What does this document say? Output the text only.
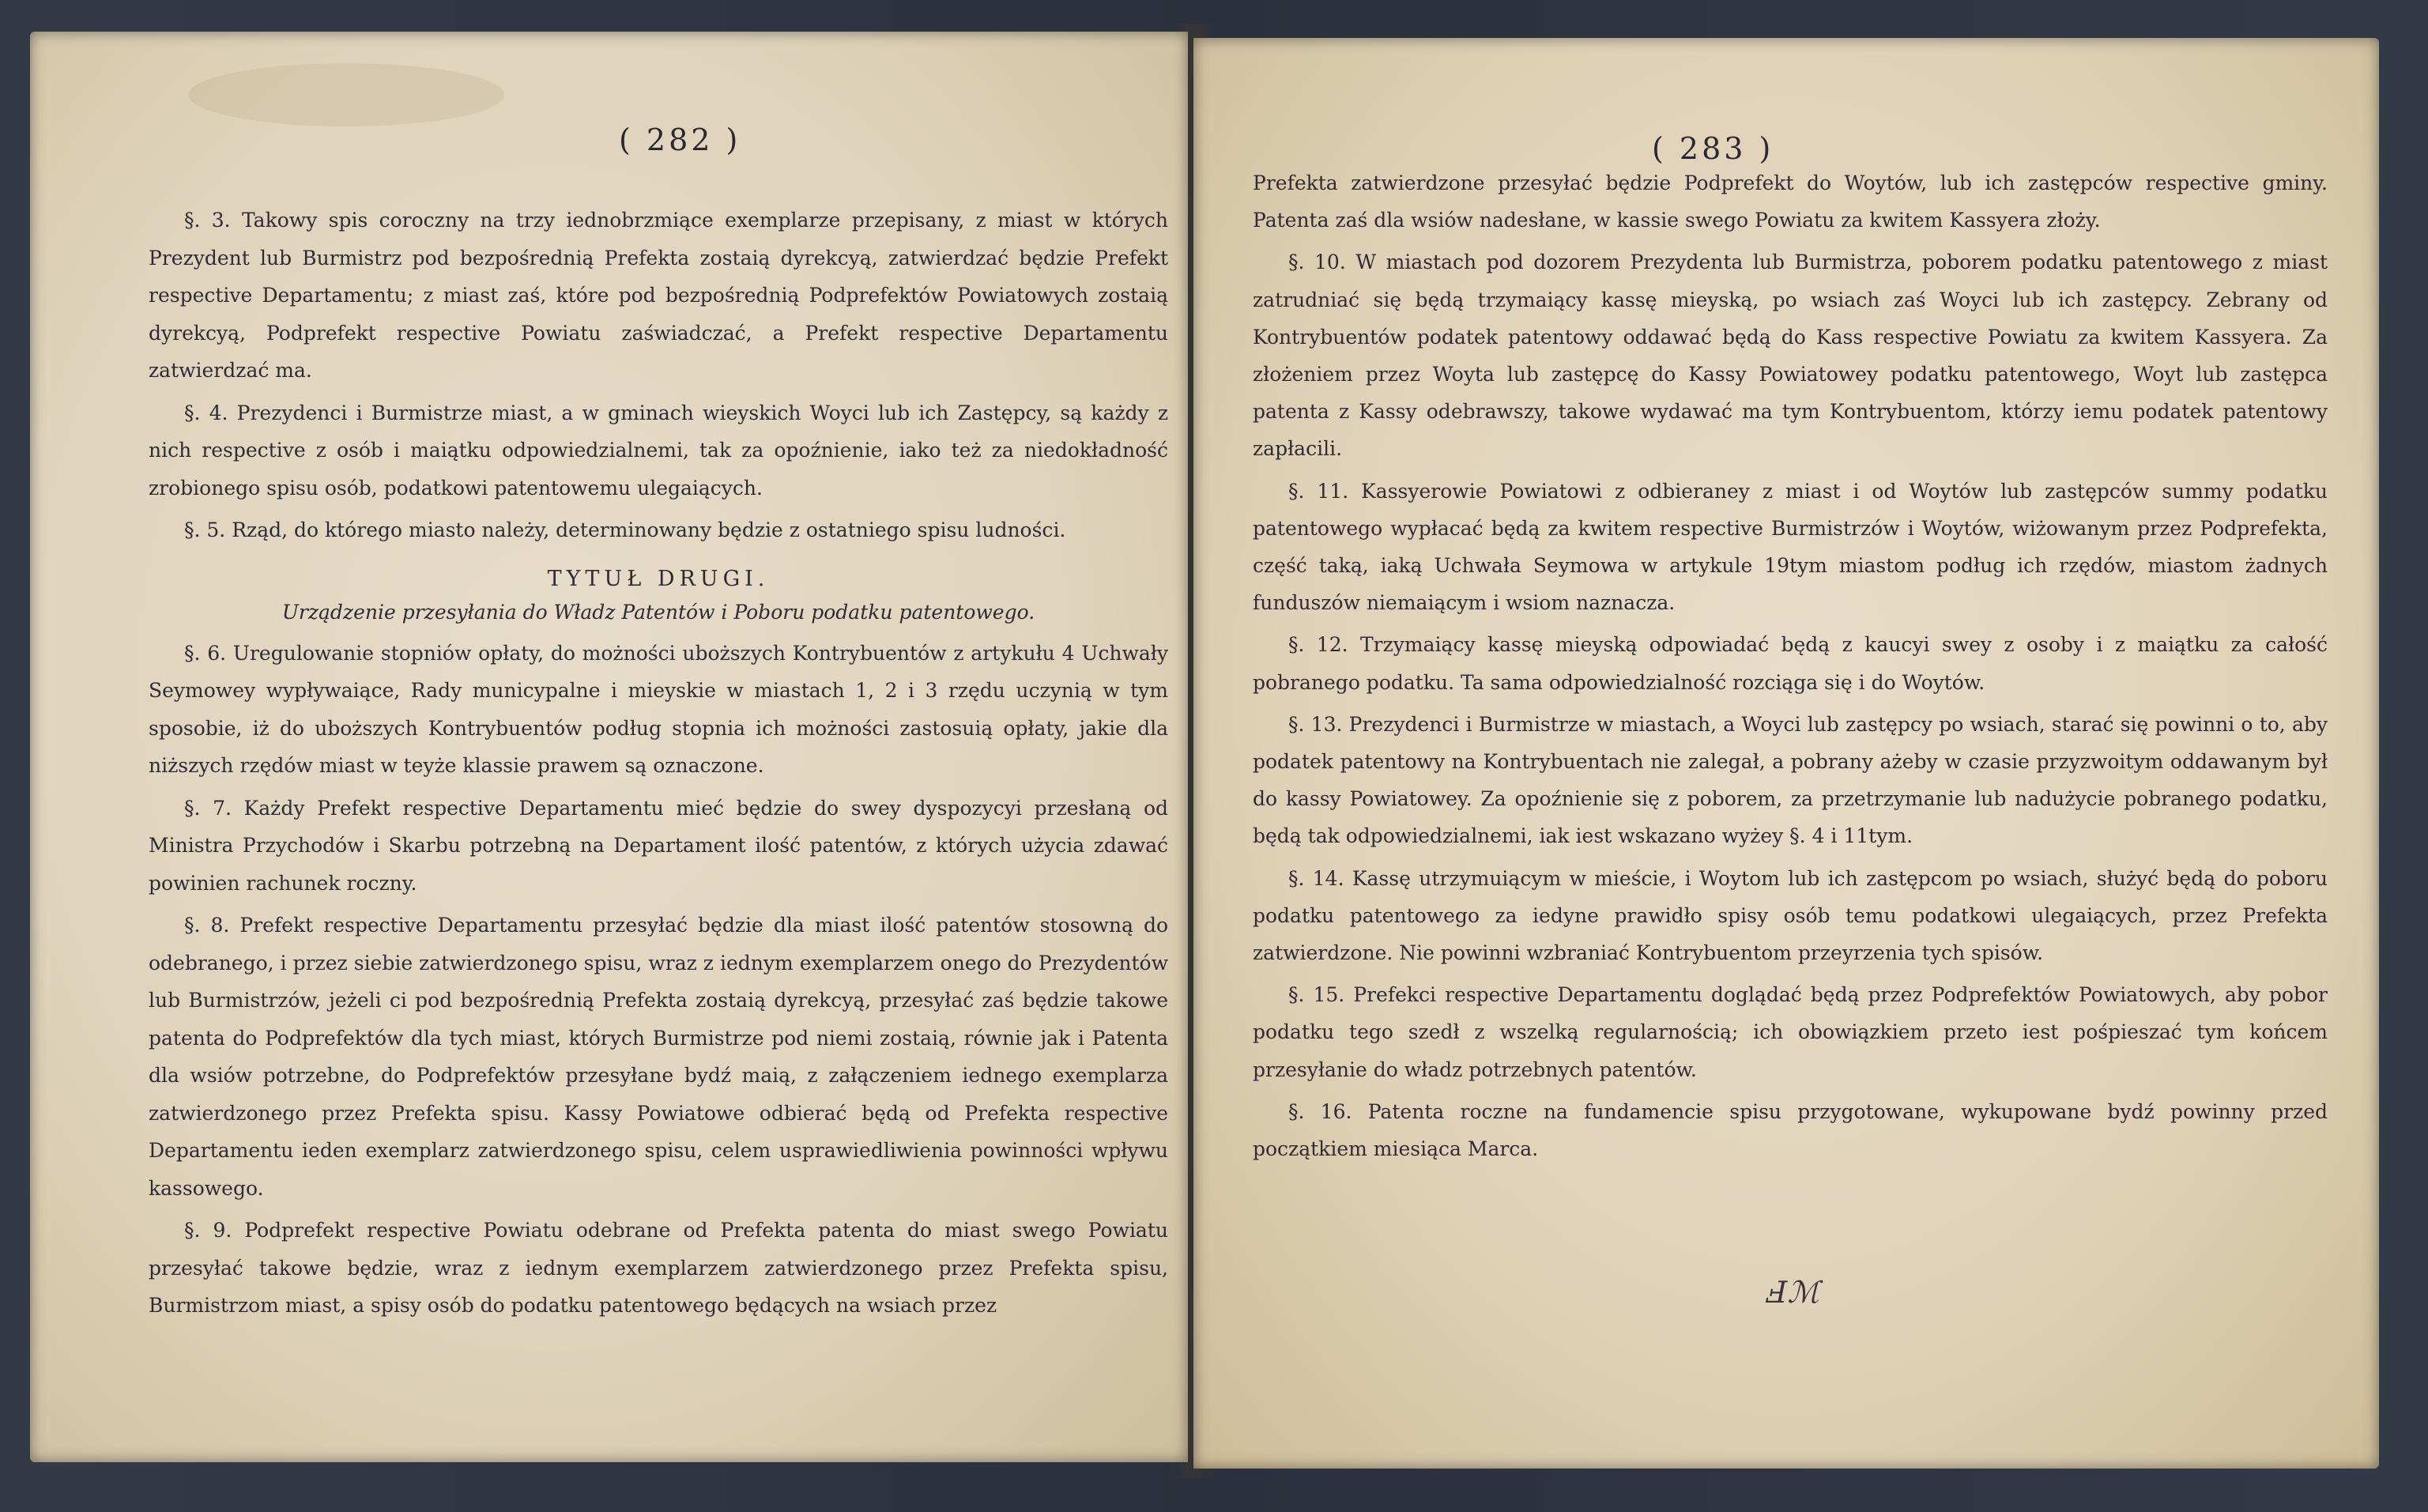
( 282 )

§. 3. Takowy spis coroczny na trzy iednobrzmiące exemplarze przepisany, z miast w których Prezydent lub Burmistrz pod bezpośrednią Prefekta zostaią dyrekcyą, zatwierdzać będzie Prefekt respective Departamentu; z miast zaś, które pod bezpośrednią Podprefektów Powiatowych zostaią dyrekcyą, Podprefekt respective Powiatu zaświadczać, a Prefekt respective Departamentu zatwierdzać ma.

§. 4. Prezydenci i Burmistrze miast, a w gminach wieyskich Woyci lub ich Zastępcy, są każdy z nich respective z osób i maiątku odpowiedzialnemi, tak za opoźnienie, iako też za niedokładność zrobionego spisu osób, podatkowi patentowemu ulegaiących.

§. 5. Rząd, do którego miasto należy, determinowany będzie z ostatniego spisu ludności.

TYTUŁ DRUGI.
Urządzenie przesyłania do Władz Patentów i Poboru podatku patentowego.

§. 6. Uregulowanie stopniów opłaty, do możności uboższych Kontrybuentów z artykułu 4 Uchwały Seymowey wypływaiące, Rady municypalne i mieyskie w miastach 1, 2 i 3 rzędu uczynią w tym sposobie, iż do uboższych Kontrybuentów podług stopnia ich możności zastosuią opłaty, jakie dla niższych rzędów miast w teyże klassie prawem są oznaczone.

§. 7. Każdy Prefekt respective Departamentu mieć będzie do swey dyspozycyi przesłaną od Ministra Przychodów i Skarbu potrzebną na Departament ilość patentów, z których użycia zdawać powinien rachunek roczny.

§. 8. Prefekt respective Departamentu przesyłać będzie dla miast ilość patentów stosowną do odebranego, i przez siebie zatwierdzonego spisu, wraz z iednym exemplarzem onego do Prezydentów lub Burmistrzów, jeżeli ci pod bezpośrednią Prefekta zostaią dyrekcyą, przesyłać zaś będzie takowe patenta do Podprefektów dla tych miast, których Burmistrze pod niemi zostaią, równie jak i Patenta dla wsiów potrzebne, do Podprefektów przesyłane bydź maią, z załączeniem iednego exemplarza zatwierdzonego przez Prefekta spisu. Kassy Powiatowe odbierać będą od Prefekta respective Departamentu ieden exemplarz zatwierdzonego spisu, celem usprawiedliwienia powinności wpływu kassowego.

§. 9. Podprefekt respective Powiatu odebrane od Prefekta patenta do miast swego Powiatu przesyłać takowe będzie, wraz z iednym exemplarzem zatwierdzonego przez Prefekta spisu, Burmistrzom miast, a spisy osób do podatku patentowego będących na wsiach przez

( 283 )

Prefekta zatwierdzone przesyłać będzie Podprefekt do Woytów, lub ich zastępców respective gminy. Patenta zaś dla wsiów nadesłane, w kassie swego Powiatu za kwitem Kassyera złoży.

§. 10. W miastach pod dozorem Prezydenta lub Burmistrza, poborem podatku patentowego z miast zatrudniać się będą trzymaiący kassę mieyską, po wsiach zaś Woyci lub ich zastępcy. Zebrany od Kontrybuentów podatek patentowy oddawać będą do Kass respective Powiatu za kwitem Kassyera. Za złożeniem przez Woyta lub zastępcę do Kassy Powiatowey podatku patentowego, Woyt lub zastępca patenta z Kassy odebrawszy, takowe wydawać ma tym Kontrybuentom, którzy iemu podatek patentowy zapłacili.

§. 11. Kassyerowie Powiatowi z odbieraney z miast i od Woytów lub zastępców summy podatku patentowego wypłacać będą za kwitem respective Burmistrzów i Woytów, wiżowanym przez Podprefekta, część taką, iaką Uchwała Seymowa w artykule 19tym miastom podług ich rzędów, miastom żadnych funduszów niemaiącym i wsiom naznacza.

§. 12. Trzymaiący kassę mieyską odpowiadać będą z kaucyi swey z osoby i z maiątku za całość pobranego podatku. Ta sama odpowiedzialność rozciąga się i do Woytów.

§. 13. Prezydenci i Burmistrze w miastach, a Woyci lub zastępcy po wsiach, starać się powinni o to, aby podatek patentowy na Kontrybuentach nie zalegał, a pobrany ażeby w czasie przyzwoitym oddawanym był do kassy Powiatowey. Za opoźnienie się z poborem, za przetrzymanie lub nadużycie pobranego podatku, będą tak odpowiedzialnemi, iak iest wskazano wyżey §. 4 i 11tym.

§. 14. Kassę utrzymuiącym w mieście, i Woytom lub ich zastępcom po wsiach, służyć będą do poboru podatku patentowego za iedyne prawidło spisy osób temu podatkowi ulegaiących, przez Prefekta zatwierdzone. Nie powinni wzbraniać Kontrybuentom przeyrzenia tych spisów.

§. 15. Prefekci respective Departamentu doglądać będą przez Podprefektów Powiatowych, aby pobor podatku tego szedł z wszelką regularnością; ich obowiązkiem przeto iest pośpieszać tym końcem przesyłanie do władz potrzebnych patentów.

§. 16. Patenta roczne na fundamencie spisu przygotowane, wykupowane bydź powinny przed początkiem miesiąca Marca.

Ⅎℳ
